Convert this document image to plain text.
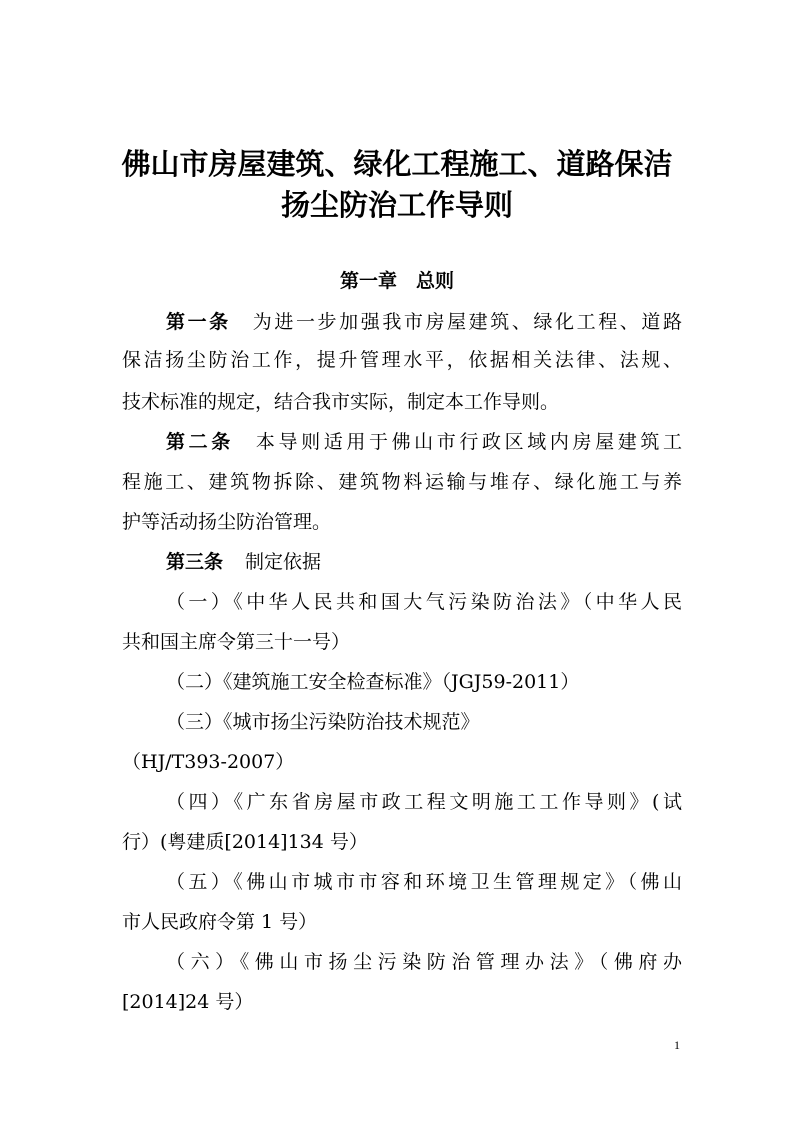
佛山市房屋建筑、绿化工程施工、道路保洁
扬尘防治工作导则
第一章　总则
第一条 为进一步加强我市房屋建筑、绿化工程、道路
保洁扬尘防治工作，提升管理水平，依据相关法律、法规、
技术标准的规定，结合我市实际，制定本工作导则。
第二条 本导则适用于佛山市行政区域内房屋建筑工
程施工、建筑物拆除、建筑物料运输与堆存、绿化施工与养
护等活动扬尘防治管理。
第三条 制定依据
（一）《中华人民共和国大气污染防治法》（中华人民
共和国主席令第三十一号）
（二）《建筑施工安全检查标准》（JGJ59-2011）
（三）《城市扬尘污染防治技术规范》
（HJ/T393-2007）
（四）《广东省房屋市政工程文明施工工作导则》(试
行）(粤建质[2014]134 号）
（五）《佛山市城市市容和环境卫生管理规定》（佛山
市人民政府令第 1 号）
（六）《佛山市扬尘污染防治管理办法》（佛府办
[2014]24 号）
1
